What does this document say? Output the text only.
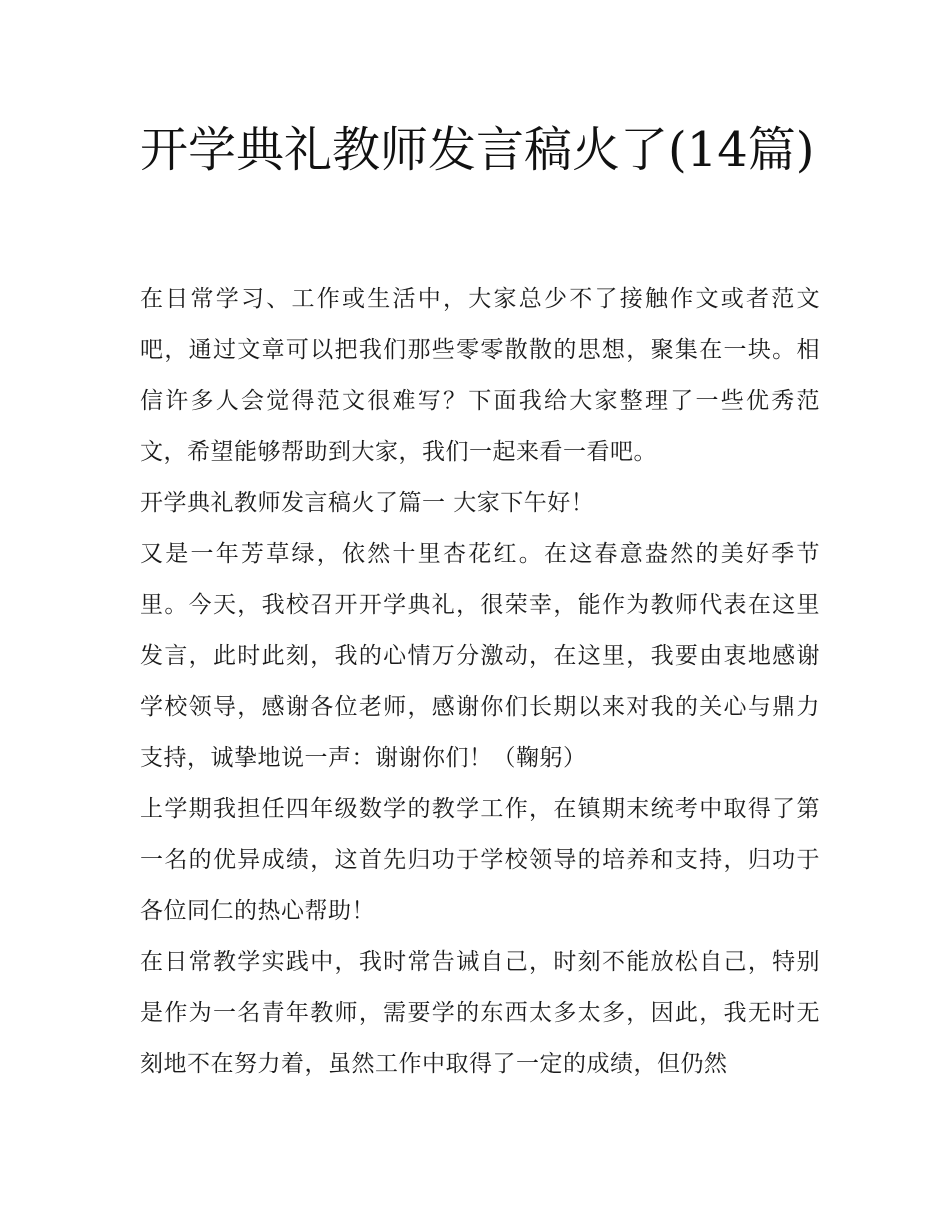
开学典礼教师发言稿火了(14篇)

在日常学习、工作或生活中，大家总少不了接触作文或者范文吧，通过文章可以把我们那些零零散散的思想，聚集在一块。相信许多人会觉得范文很难写？下面我给大家整理了一些优秀范文，希望能够帮助到大家，我们一起来看一看吧。

开学典礼教师发言稿火了篇一 大家下午好！

又是一年芳草绿，依然十里杏花红。在这春意盎然的美好季节里。今天，我校召开开学典礼，很荣幸，能作为教师代表在这里发言，此时此刻，我的心情万分激动，在这里，我要由衷地感谢学校领导，感谢各位老师，感谢你们长期以来对我的关心与鼎力支持，诚挚地说一声：谢谢你们！（鞠躬）

上学期我担任四年级数学的教学工作，在镇期末统考中取得了第一名的优异成绩，这首先归功于学校领导的培养和支持，归功于各位同仁的热心帮助！

在日常教学实践中，我时常告诫自己，时刻不能放松自己，特别是作为一名青年教师，需要学的东西太多太多，因此，我无时无刻地不在努力着，虽然工作中取得了一定的成绩，但仍然
